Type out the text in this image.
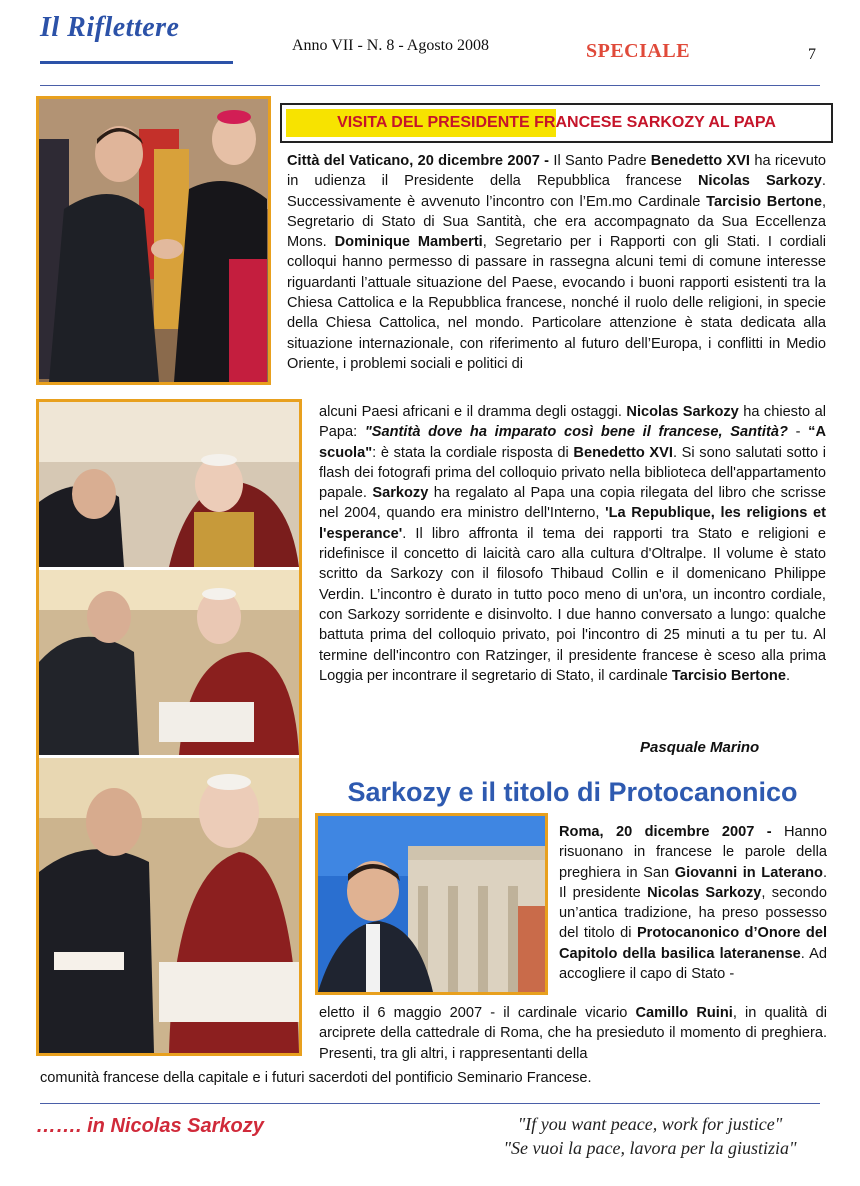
Il Riflettere
Anno VII - N. 8 - Agosto 2008	SPECIALE	7
VISITA DEL PRESIDENTE FRANCESE SARKOZY AL PAPA
Città del Vaticano, 20 dicembre 2007 - Il Santo Padre Benedetto XVI ha ricevuto in udienza il Presidente della Repubblica francese Nicolas Sarkozy. Successivamente è avvenuto l’incontro con l’Em.mo Cardinale Tarcisio Bertone, Segretario di Stato di Sua Santità, che era accompagnato da Sua Eccellenza Mons. Dominique Mamberti, Segretario per i Rapporti con gli Stati. I cordiali colloqui hanno permesso di passare in rassegna alcuni temi di comune interesse riguardanti l’attuale situazione del Paese, evocando i buoni rapporti esistenti tra la Chiesa Cattolica e la Repubblica francese, nonché il ruolo delle religioni, in specie della Chiesa Cattolica, nel mondo. Particolare attenzione è stata dedicata alla situazione internazionale, con riferimento al futuro dell’Europa, i conflitti in Medio Oriente, i problemi sociali e politici di
alcuni Paesi africani e il dramma degli ostaggi. Nicolas Sarkozy ha chiesto al Papa: "Santità dove ha imparato così bene il francese, Santità? - “A scuola": è stata la cordiale risposta di Benedetto XVI. Si sono salutati sotto i flash dei fotografi prima del colloquio privato nella biblioteca dell'appartamento papale. Sarkozy ha regalato al Papa una copia rilegata del libro che scrisse nel 2004, quando era ministro dell'Interno, 'La Republique, les religions et l'esperance'. Il libro affronta il tema dei rapporti tra Stato e religioni e ridefinisce il concetto di laicità caro alla cultura d'Oltralpe. Il volume è stato scritto da Sarkozy con il filosofo Thibaud Collin e il domenicano Philippe Verdin. L’incontro è durato in tutto poco meno di un'ora, un incontro cordiale, con Sarkozy sorridente e disinvolto. I due hanno conversato a lungo: qualche battuta prima del colloquio privato, poi l'incontro di 25 minuti a tu per tu. Al termine dell'incontro con Ratzinger, il presidente francese è sceso alla prima Loggia per incontrare il segretario di Stato, il cardinale Tarcisio Bertone.
Pasquale Marino
Sarkozy e il titolo di Protocanonico
Roma, 20 dicembre 2007 - Hanno risuonano in francese le parole della preghiera in San Giovanni in Laterano. Il presidente Nicolas Sarkozy, secondo un’antica tradizione, ha preso possesso del titolo di Protocanonico d’Onore del Capitolo della basilica lateranense. Ad accogliere il capo di Stato -
eletto il 6 maggio 2007 - il cardinale vicario Camillo Ruini, in qualità di arciprete della cattedrale di Roma, che ha presieduto il momento di preghiera. Presenti, tra gli altri, i rappresentanti della
comunità francese della capitale e i futuri sacerdoti del pontificio Seminario Francese.
……. in Nicolas Sarkozy	"If you want peace, work for justice"
"Se vuoi la pace, lavora per la giustizia"
